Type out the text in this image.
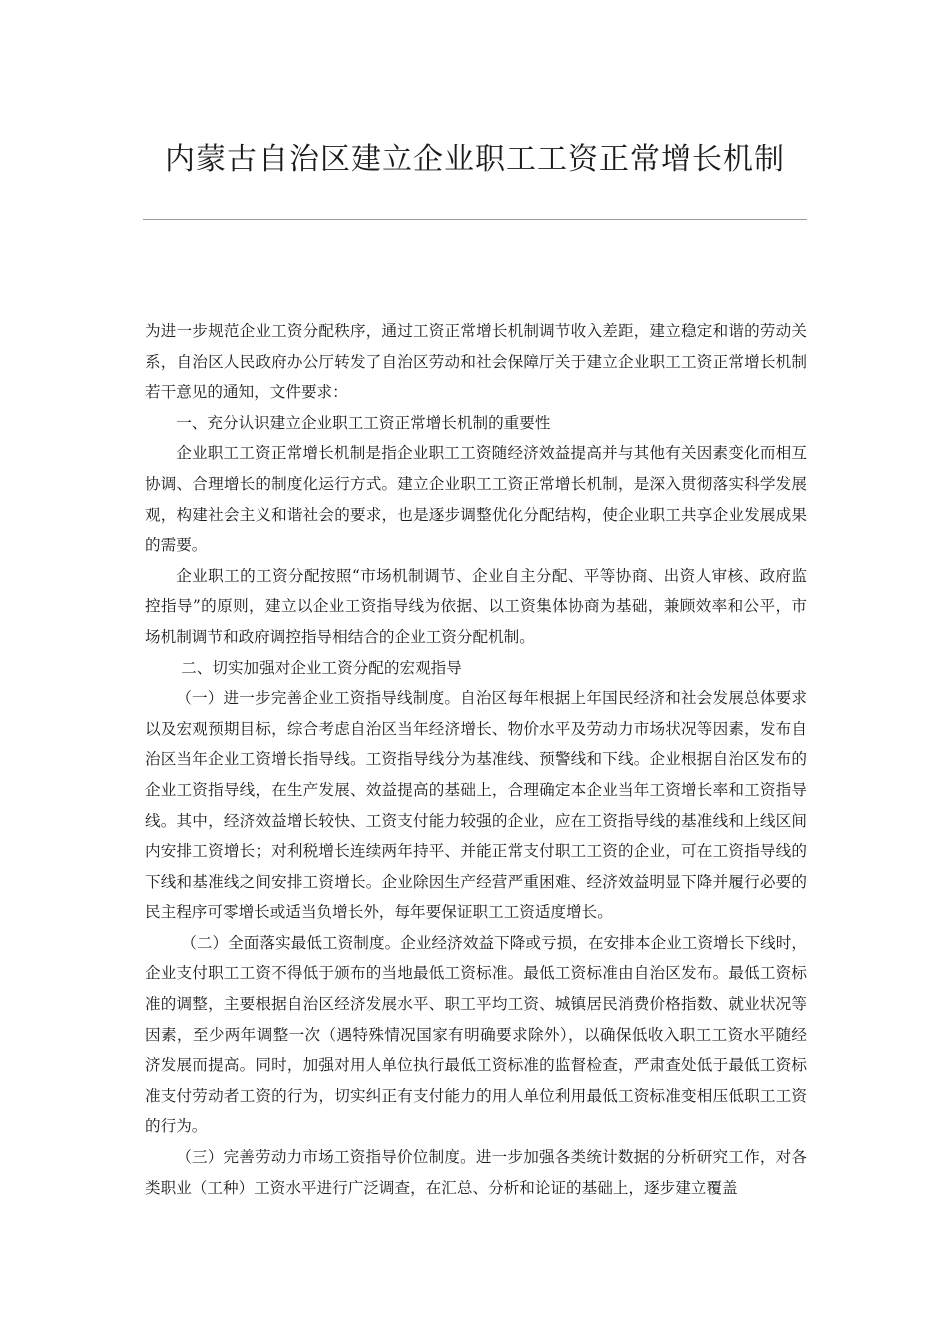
内蒙古自治区建立企业职工工资正常增长机制

为进一步规范企业工资分配秩序，通过工资正常增长机制调节收入差距，建立稳定和谐的劳动关系，自治区人民政府办公厅转发了自治区劳动和社会保障厅关于建立企业职工工资正常增长机制若干意见的通知，文件要求：

一、充分认识建立企业职工工资正常增长机制的重要性

企业职工工资正常增长机制是指企业职工工资随经济效益提高并与其他有关因素变化而相互协调、合理增长的制度化运行方式。建立企业职工工资正常增长机制，是深入贯彻落实科学发展观，构建社会主义和谐社会的要求，也是逐步调整优化分配结构，使企业职工共享企业发展成果的需要。

企业职工的工资分配按照“市场机制调节、企业自主分配、平等协商、出资人审核、政府监控指导”的原则，建立以企业工资指导线为依据、以工资集体协商为基础，兼顾效率和公平，市场机制调节和政府调控指导相结合的企业工资分配机制。

二、切实加强对企业工资分配的宏观指导

（一）进一步完善企业工资指导线制度。自治区每年根据上年国民经济和社会发展总体要求以及宏观预期目标，综合考虑自治区当年经济增长、物价水平及劳动力市场状况等因素，发布自治区当年企业工资增长指导线。工资指导线分为基准线、预警线和下线。企业根据自治区发布的企业工资指导线，在生产发展、效益提高的基础上，合理确定本企业当年工资增长率和工资指导线。其中，经济效益增长较快、工资支付能力较强的企业，应在工资指导线的基准线和上线区间内安排工资增长；对利税增长连续两年持平、并能正常支付职工工资的企业，可在工资指导线的下线和基准线之间安排工资增长。企业除因生产经营严重困难、经济效益明显下降并履行必要的民主程序可零增长或适当负增长外，每年要保证职工工资适度增长。

（二）全面落实最低工资制度。企业经济效益下降或亏损，在安排本企业工资增长下线时，企业支付职工工资不得低于颁布的当地最低工资标准。最低工资标准由自治区发布。最低工资标准的调整，主要根据自治区经济发展水平、职工平均工资、城镇居民消费价格指数、就业状况等因素，至少两年调整一次（遇特殊情况国家有明确要求除外），以确保低收入职工工资水平随经济发展而提高。同时，加强对用人单位执行最低工资标准的监督检查，严肃查处低于最低工资标准支付劳动者工资的行为，切实纠正有支付能力的用人单位利用最低工资标准变相压低职工工资的行为。

（三）完善劳动力市场工资指导价位制度。进一步加强各类统计数据的分析研究工作，对各类职业（工种）工资水平进行广泛调查，在汇总、分析和论证的基础上，逐步建立覆盖
